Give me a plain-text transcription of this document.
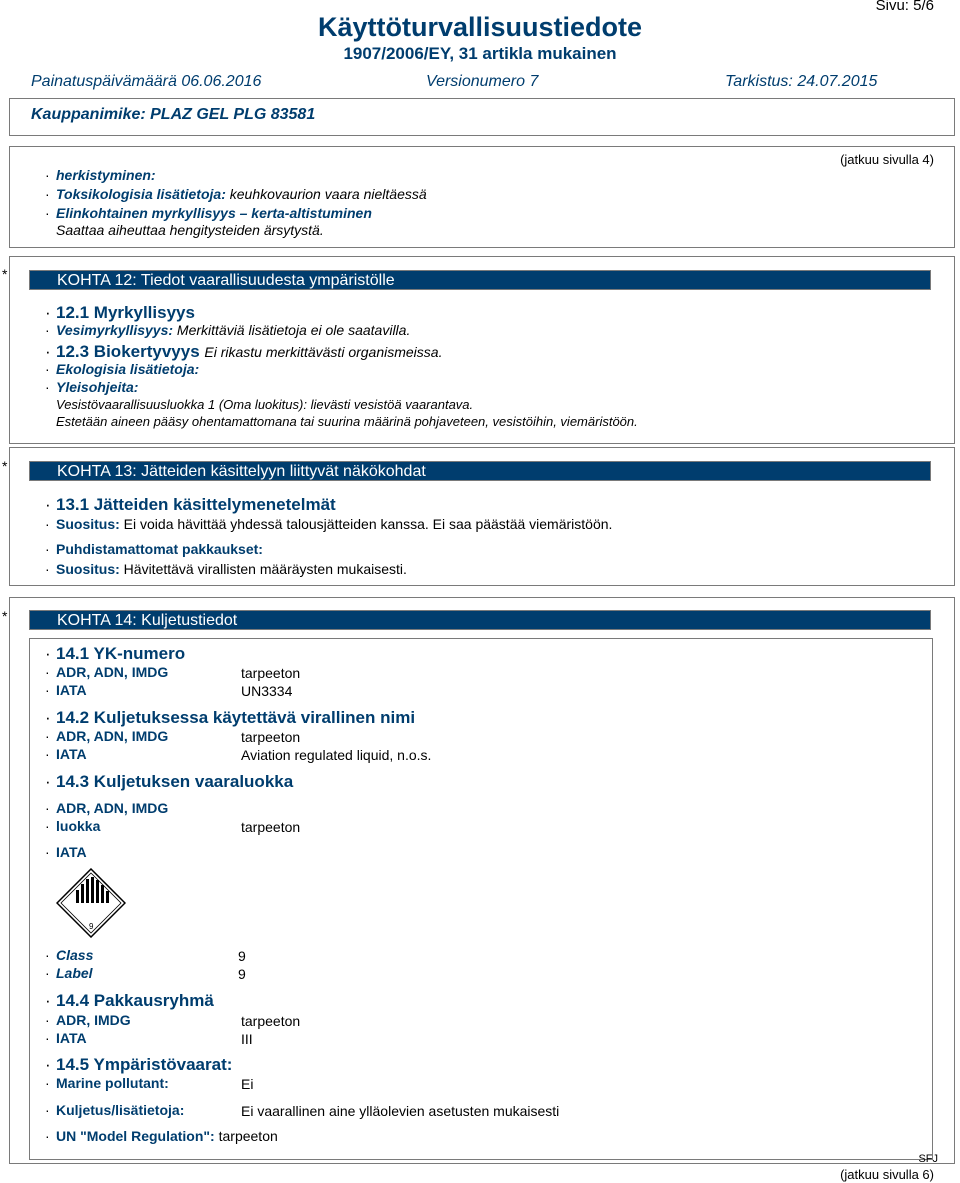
Sivu: 5/6
Käyttöturvallisuustiedote
1907/2006/EY, 31 artikla mukainen
Painatuspäivämäärä 06.06.2016	Versionumero 7	Tarkistus: 24.07.2015
Kauppanimike: PLAZ GEL PLG 83581
(jatkuu sivulla 4)
· herkistyminen:
· Toksikologisia lisätietoja: keuhkovaurion vaara nieltäessä
· Elinkohtainen myrkyllisyys – kerta-altistuminen
Saattaa aiheuttaa hengitysteiden ärsytystä.
*	KOHTA 12: Tiedot vaarallisuudesta ympäristölle
· 12.1 Myrkyllisyys
· Vesimyrkyllisyys: Merkittäviä lisätietoja ei ole saatavilla.
· 12.3 Biokertyvyys Ei rikastu merkittävästi organismeissa.
· Ekologisia lisätietoja:
· Yleisohjeita:
Vesistövaarallisuusluokka 1 (Oma luokitus): lievästi vesistöä vaarantava.
Estetään aineen pääsy ohentamattomana tai suurina määrinä pohjaveteen, vesistöihin, viemäristöön.
*	KOHTA 13: Jätteiden käsittelyyn liittyvät näkökohdat
· 13.1 Jätteiden käsittelymenetelmät
· Suositus: Ei voida hävittää yhdessä talousjätteiden kanssa. Ei saa päästää viemäristöön.
· Puhdistamattomat pakkaukset:
· Suositus: Hävitettävä virallisten määräysten mukaisesti.
*	KOHTA 14: Kuljetustiedot
· 14.1 YK-numero
· ADR, ADN, IMDG	tarpeeton
· IATA	UN3334
· 14.2 Kuljetuksessa käytettävä virallinen nimi
· ADR, ADN, IMDG	tarpeeton
· IATA	Aviation regulated liquid, n.o.s.
· 14.3 Kuljetuksen vaaraluokka
· ADR, ADN, IMDG
· luokka	tarpeeton
· IATA
9
· Class	9
· Label	9
· 14.4 Pakkausryhmä
· ADR, IMDG	tarpeeton
· IATA	III
· 14.5 Ympäristövaarat:
· Marine pollutant:	Ei
· Kuljetus/lisätietoja:	Ei vaarallinen aine ylläolevien asetusten mukaisesti
· UN "Model Regulation": tarpeeton
SFJ
(jatkuu sivulla 6)
